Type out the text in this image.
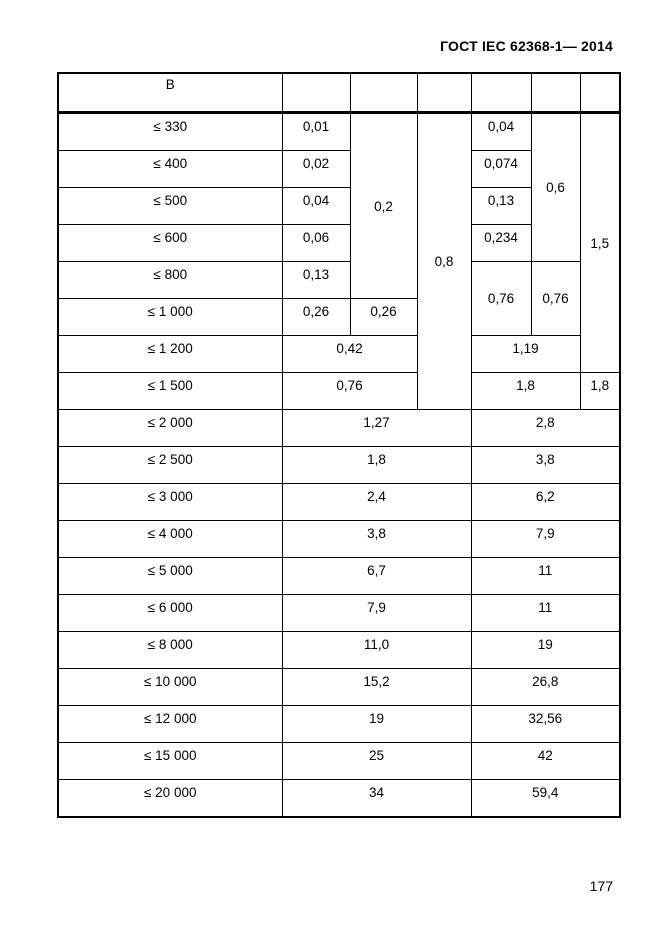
ГОСТ IEC 62368-1— 2014
В						
≤ 330	0,01	0,2	0,8	0,04	0,6	1,5
≤ 400	0,02			0,074		
≤ 500	0,04			0,13		
≤ 600	0,06			0,234		
≤ 800	0,13			0,76	0,76	
≤ 1 000	0,26	0,26				
≤ 1 200	0,42			1,19		
≤ 1 500	0,76			1,8		1,8
≤ 2 000	1,27			2,8		
≤ 2 500	1,8			3,8		
≤ 3 000	2,4			6,2		
≤ 4 000	3,8			7,9		
≤ 5 000	6,7			11		
≤ 6 000	7,9			11		
≤ 8 000	11,0			19		
≤ 10 000	15,2			26,8		
≤ 12 000	19			32,56		
≤ 15 000	25			42		
≤ 20 000	34			59,4		
177
